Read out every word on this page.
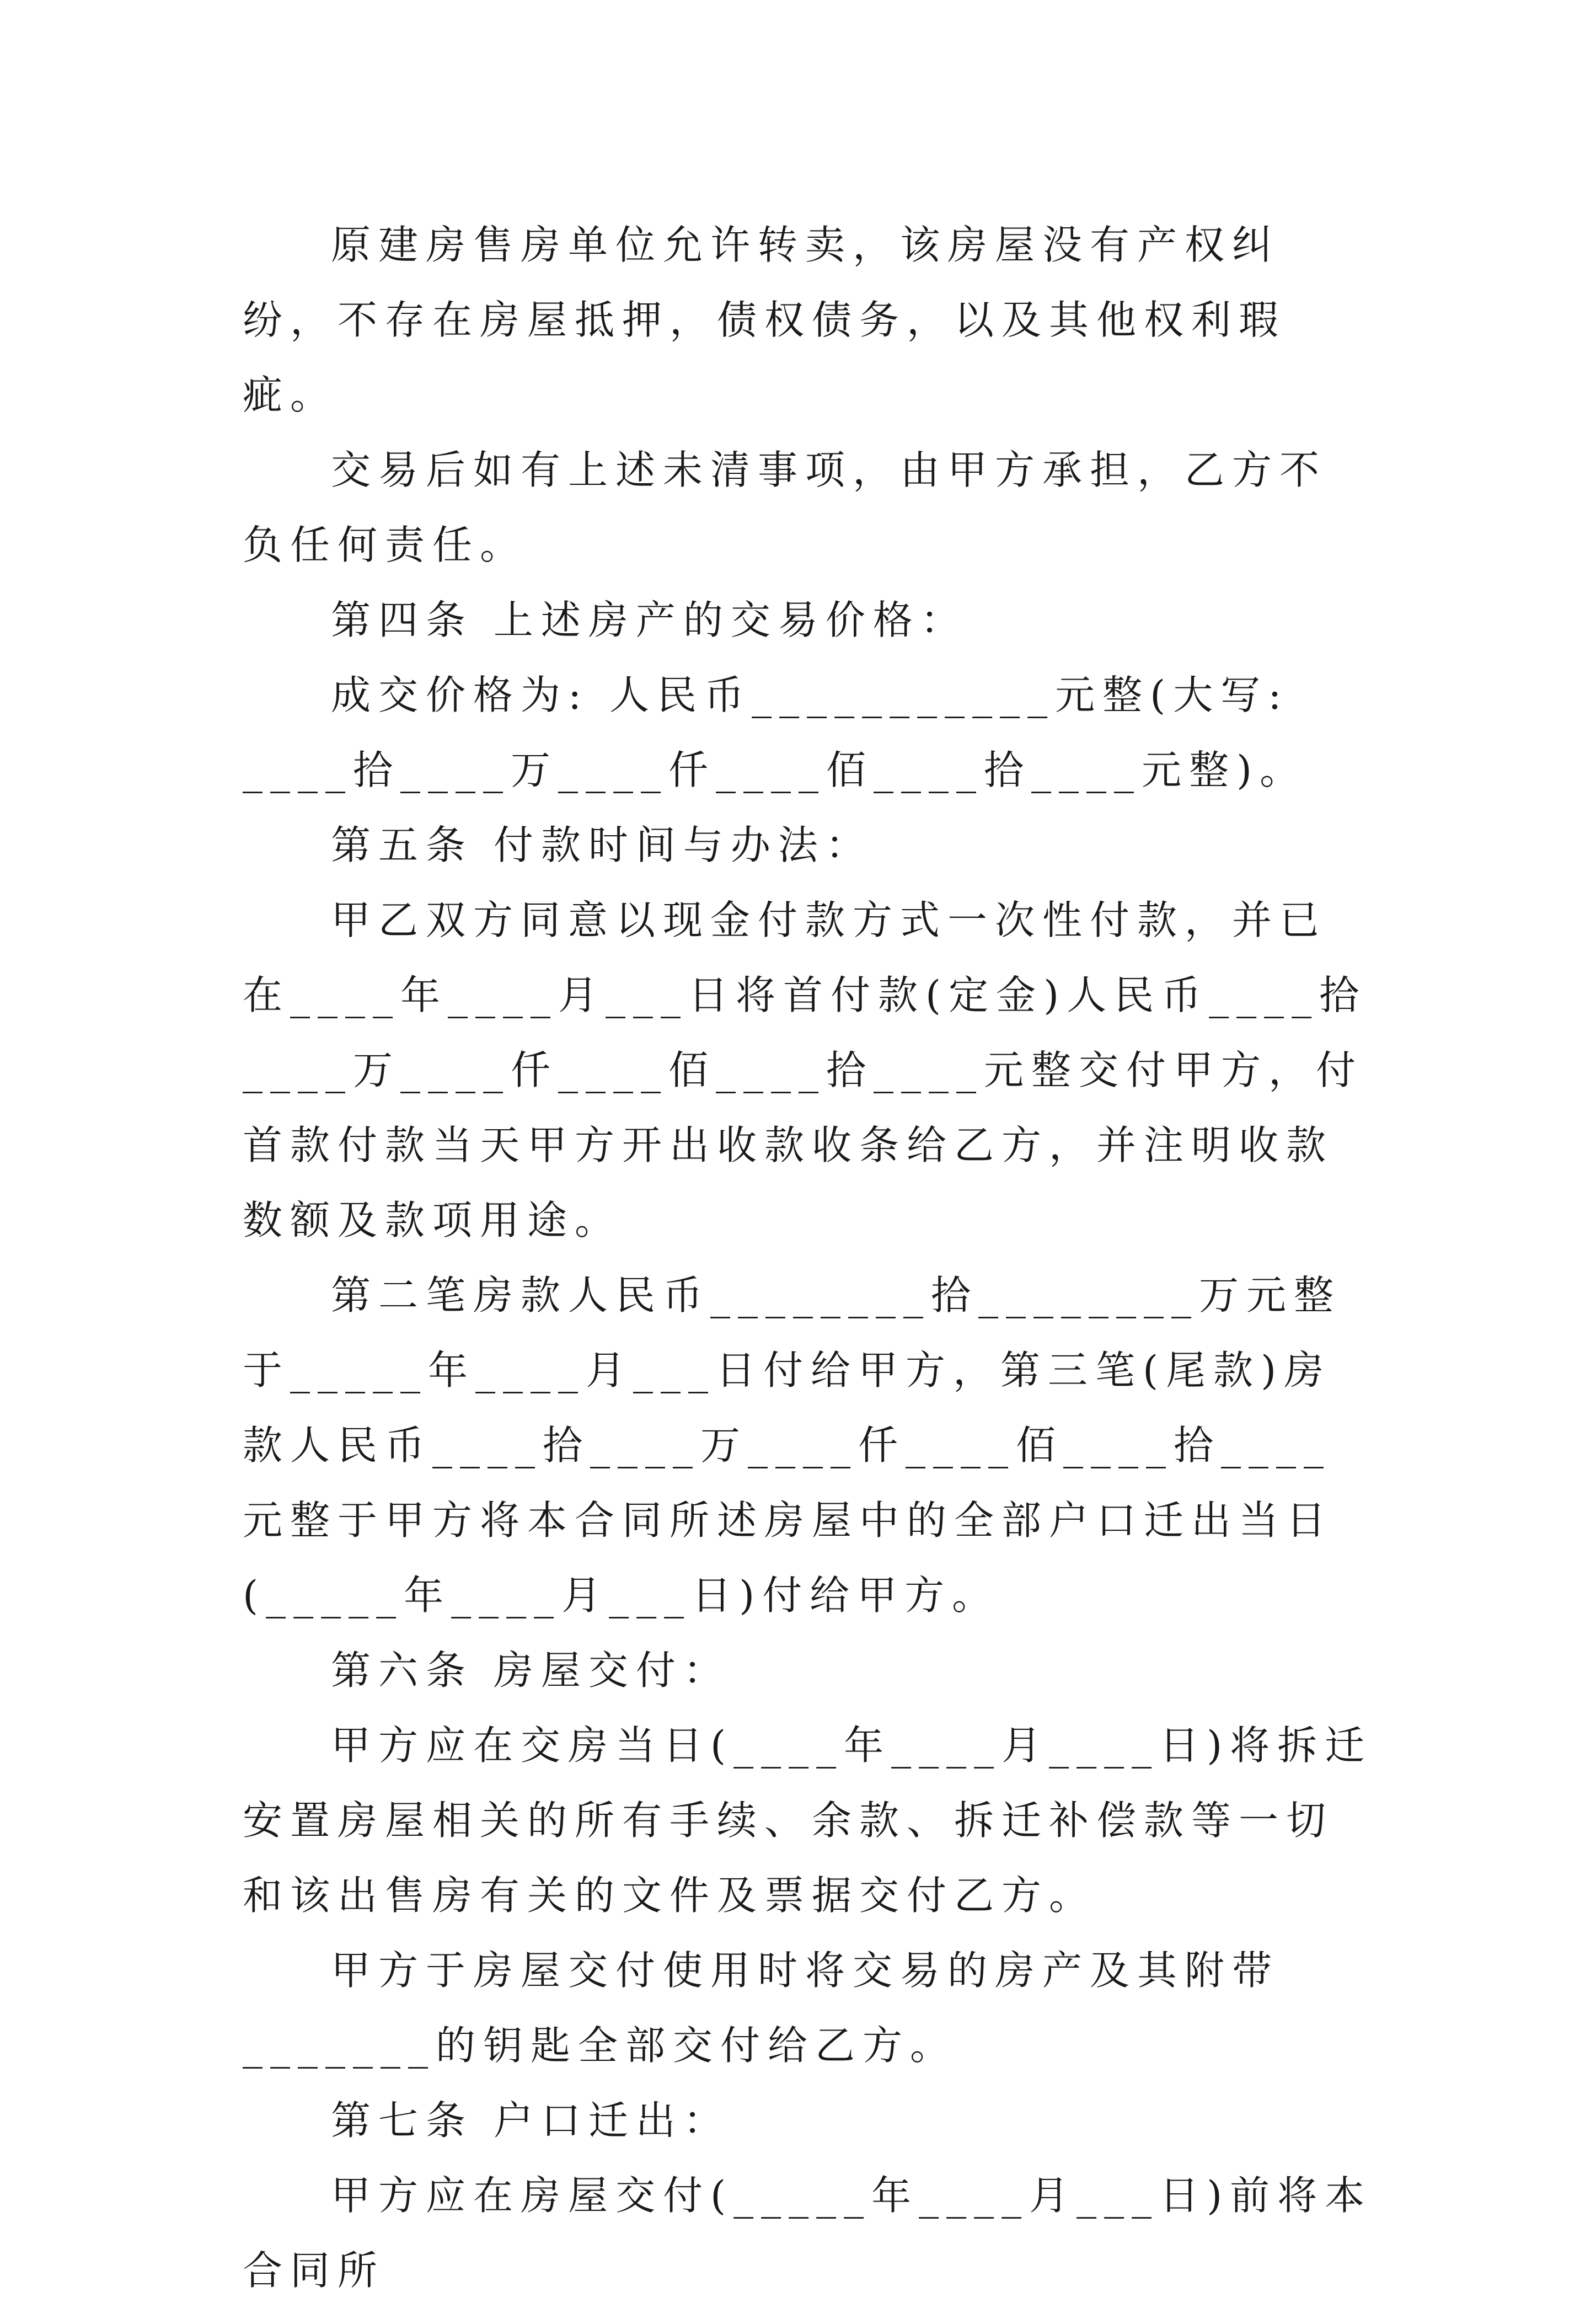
原建房售房单位允许转卖，该房屋没有产权纠纷，不存在房屋抵押，债权债务，以及其他权利瑕疵。

交易后如有上述未清事项，由甲方承担，乙方不负任何责任。

第四条 上述房产的交易价格：

成交价格为: 人民币___________元整(大写: ____拾____万____仟____佰____拾____元整)。

第五条 付款时间与办法：

甲乙双方同意以现金付款方式一次性付款，并已在____年____月___日将首付款(定金)人民币____拾____万____仟____佰____拾____元整交付甲方，付首款付款当天甲方开出收款收条给乙方，并注明收款数额及款项用途。

第二笔房款人民币________拾________万元整于_____年____月___日付给甲方，第三笔(尾款)房款人民币____拾____万____仟____佰____拾____元整于甲方将本合同所述房屋中的全部户口迁出当日(_____年____月___日)付给甲方。

第六条 房屋交付：

甲方应在交房当日(____年____月____日)将拆迁安置房屋相关的所有手续、余款、拆迁补偿款等一切和该出售房有关的文件及票据交付乙方。

甲方于房屋交付使用时将交易的房产及其附带_______的钥匙全部交付给乙方。

第七条 户口迁出：

甲方应在房屋交付(_____年____月___日)前将本合同所
